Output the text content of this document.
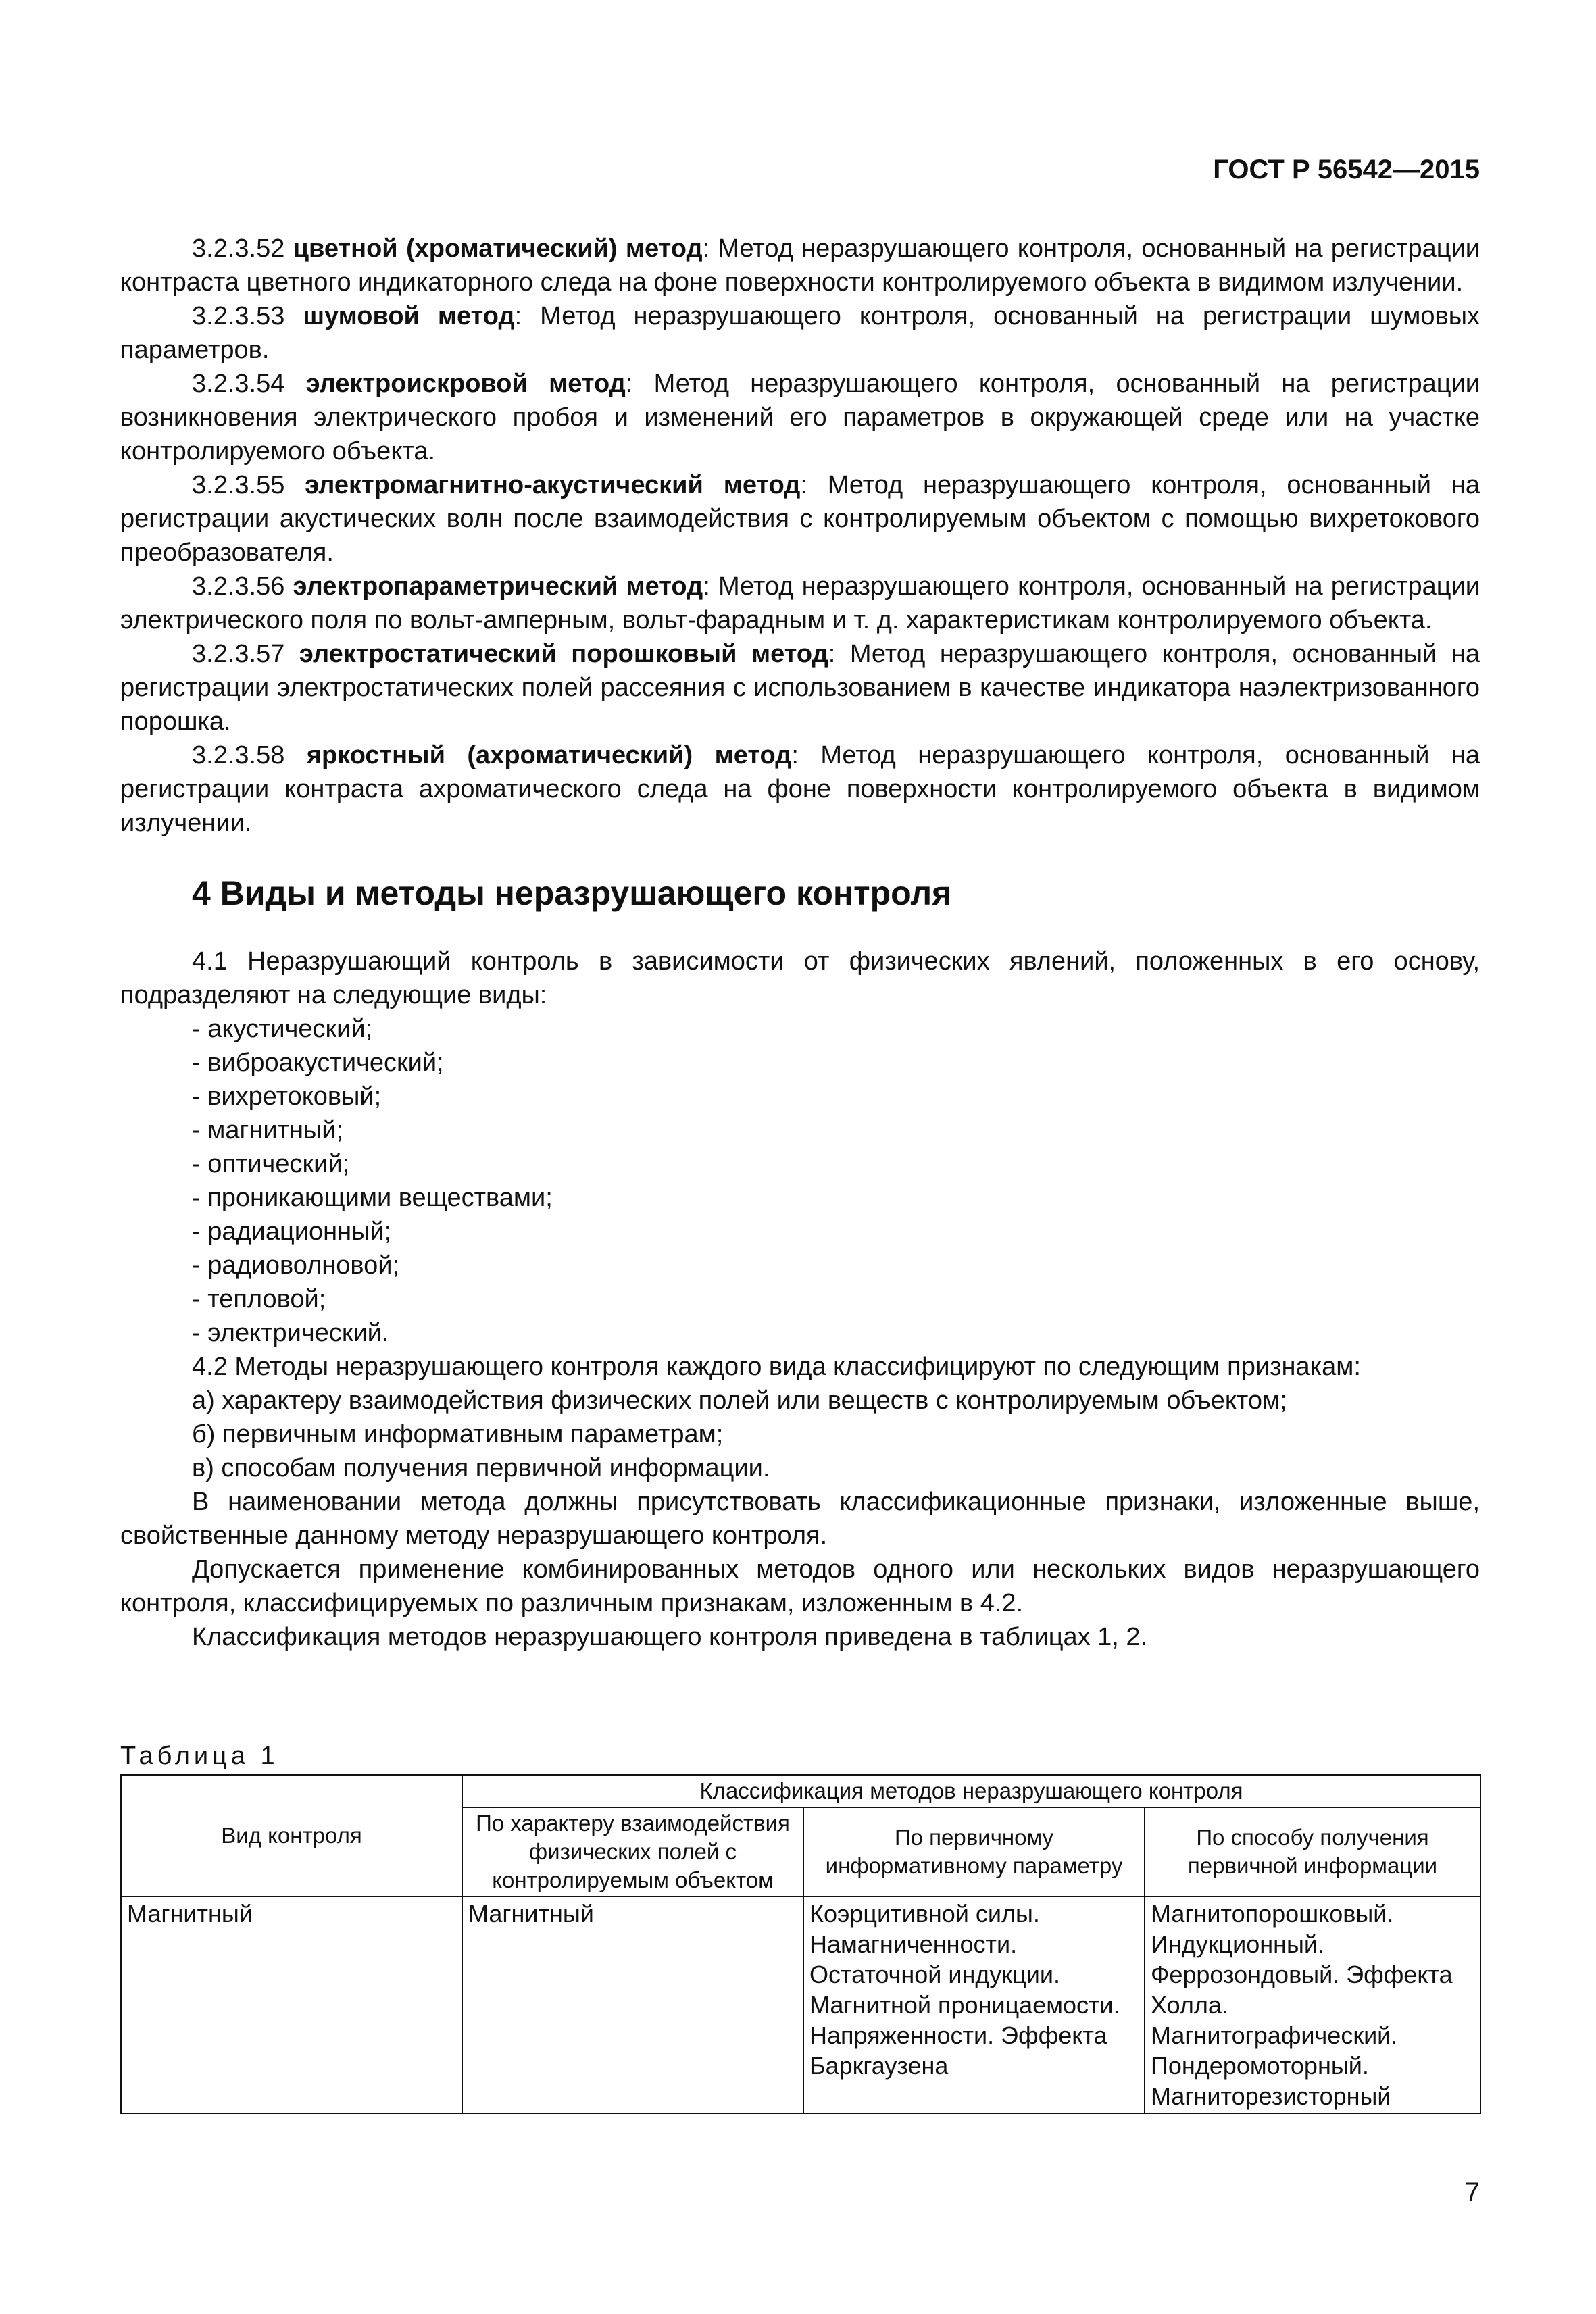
ГОСТ Р 56542—2015

3.2.3.52 цветной (хроматический) метод: Метод неразрушающего контроля, основанный на регистрации контраста цветного индикаторного следа на фоне поверхности контролируемого объекта в видимом излучении.

3.2.3.53 шумовой метод: Метод неразрушающего контроля, основанный на регистрации шумовых параметров.

3.2.3.54 электроискровой метод: Метод неразрушающего контроля, основанный на регистрации возникновения электрического пробоя и изменений его параметров в окружающей среде или на участке контролируемого объекта.

3.2.3.55 электромагнитно-акустический метод: Метод неразрушающего контроля, основанный на регистрации акустических волн после взаимодействия с контролируемым объектом с помощью вихретокового преобразователя.

3.2.3.56 электропараметрический метод: Метод неразрушающего контроля, основанный на регистрации электрического поля по вольт-амперным, вольт-фарадным и т. д. характеристикам контролируемого объекта.

3.2.3.57 электростатический порошковый метод: Метод неразрушающего контроля, основанный на регистрации электростатических полей рассеяния с использованием в качестве индикатора наэлектризованного порошка.

3.2.3.58 яркостный (ахроматический) метод: Метод неразрушающего контроля, основанный на регистрации контраста ахроматического следа на фоне поверхности контролируемого объекта в видимом излучении.

4 Виды и методы неразрушающего контроля

4.1 Неразрушающий контроль в зависимости от физических явлений, положенных в его основу, подразделяют на следующие виды:

- акустический;

- виброакустический;

- вихретоковый;

- магнитный;

- оптический;

- проникающими веществами;

- радиационный;

- радиоволновой;

- тепловой;

- электрический.

4.2 Методы неразрушающего контроля каждого вида классифицируют по следующим признакам:

а) характеру взаимодействия физических полей или веществ с контролируемым объектом;

б) первичным информативным параметрам;

в) способам получения первичной информации.

В наименовании метода должны присутствовать классификационные признаки, изложенные выше, свойственные данному методу неразрушающего контроля.

Допускается применение комбинированных методов одного или нескольких видов неразрушающего контроля, классифицируемых по различным признакам, изложенным в 4.2.

Классификация методов неразрушающего контроля приведена в таблицах 1, 2.

Таблица 1
Вид контроля	Классификация методов неразрушающего контроля		
	По характеру взаимодействия физических полей с контролируемым объектом	По первичному информативному параметру	По способу получения первичной информации
Магнитный	Магнитный	Коэрцитивной силы. Намагниченности. Остаточной индукции. Магнитной проницаемости. Напряженности. Эффекта Баркгаузена	Магнитопорошковый. Индукционный. Феррозондовый. Эффекта Холла. Магнитографический. Пондеромоторный. Магниторезисторный
7
